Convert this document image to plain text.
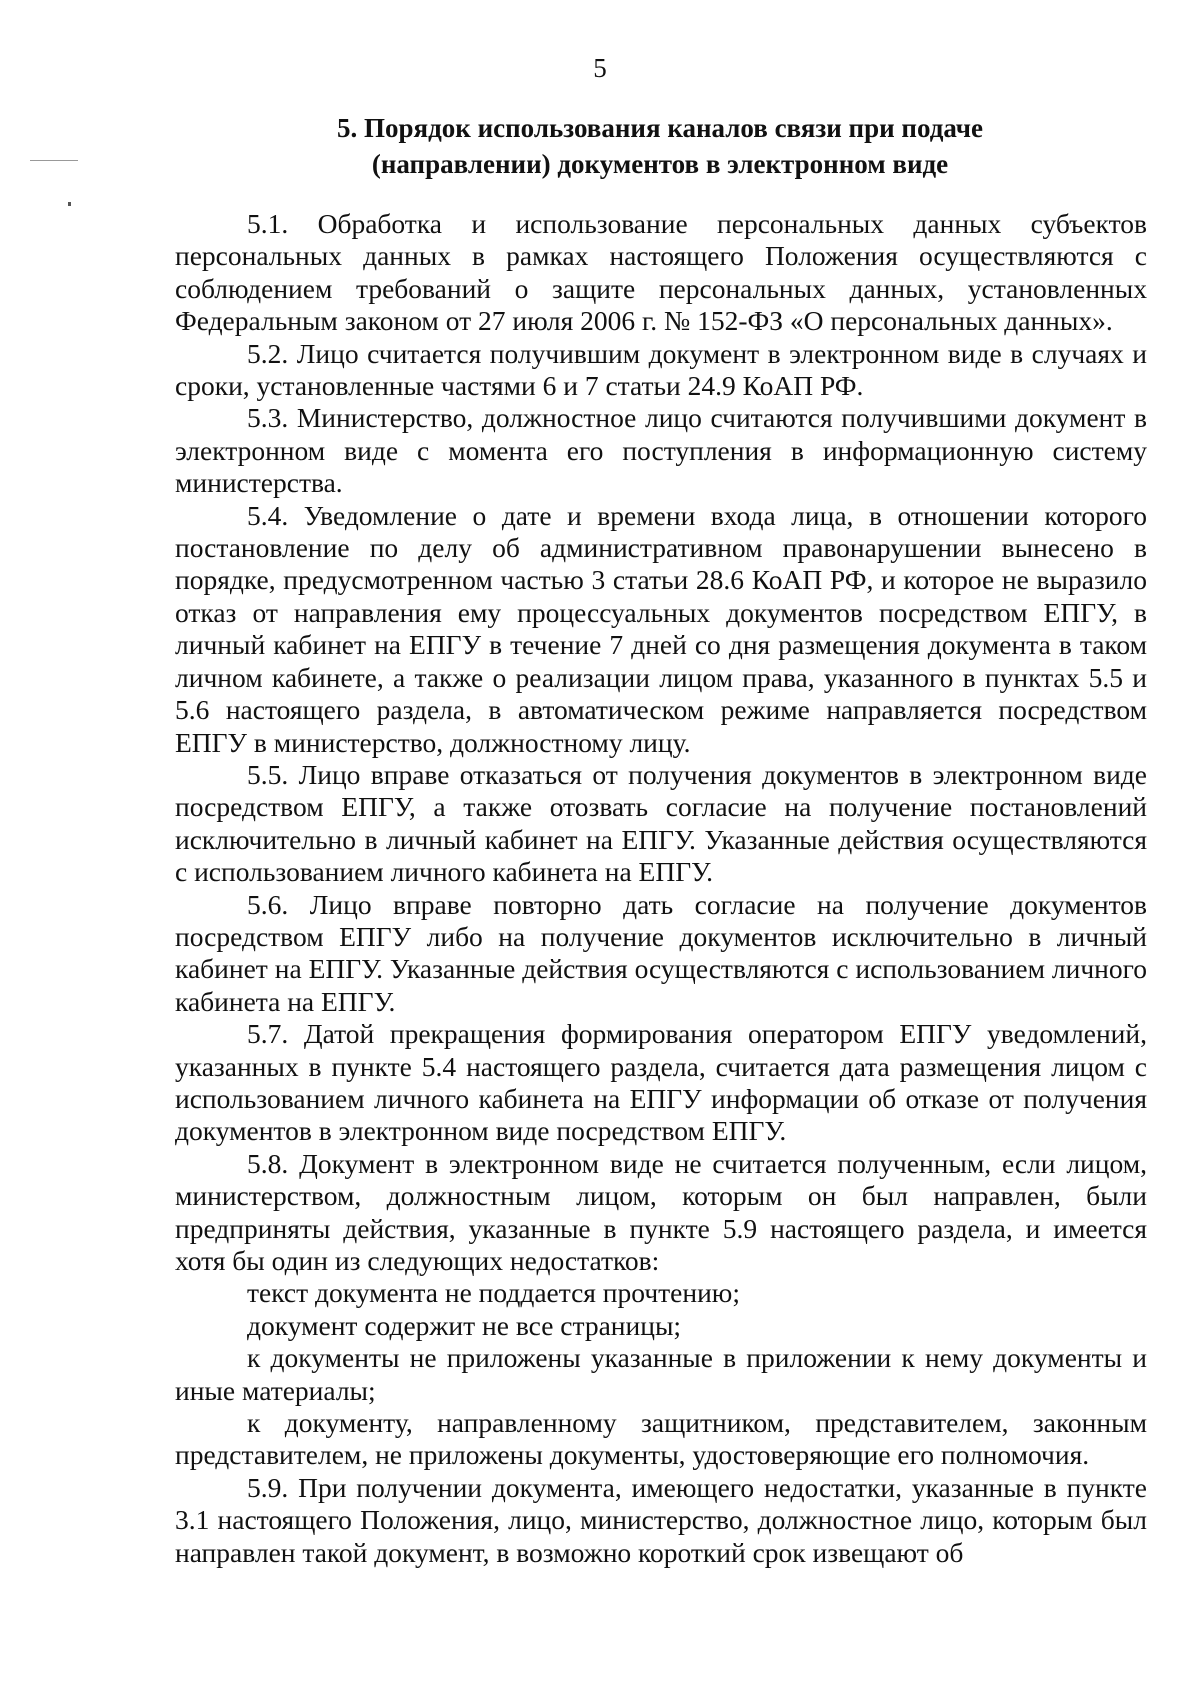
5
5. Порядок использования каналов связи при подаче
(направлении) документов в электронном виде

5.1. Обработка и использование персональных данных субъектов персональных данных в рамках настоящего Положения осуществляются с соблюдением требований о защите персональных данных, установленных Федеральным законом от 27 июля 2006 г. № 152-ФЗ «О персональных данных».

5.2. Лицо считается получившим документ в электронном виде в случаях и сроки, установленные частями 6 и 7 статьи 24.9 КоАП РФ.

5.3. Министерство, должностное лицо считаются получившими документ в электронном виде с момента его поступления в информационную систему министерства.

5.4. Уведомление о дате и времени входа лица, в отношении которого постановление по делу об административном правонарушении вынесено в порядке, предусмотренном частью 3 статьи 28.6 КоАП РФ, и которое не выразило отказ от направления ему процессуальных документов посредством ЕПГУ, в личный кабинет на ЕПГУ в течение 7 дней со дня размещения документа в таком личном кабинете, а также о реализации лицом права, указанного в пунктах 5.5 и 5.6 настоящего раздела, в автоматическом режиме направляется посредством ЕПГУ в министерство, должностному лицу.

5.5. Лицо вправе отказаться от получения документов в электронном виде посредством ЕПГУ, а также отозвать согласие на получение постановлений исключительно в личный кабинет на ЕПГУ. Указанные действия осуществляются с использованием личного кабинета на ЕПГУ.

5.6. Лицо вправе повторно дать согласие на получение документов посредством ЕПГУ либо на получение документов исключительно в личный кабинет на ЕПГУ. Указанные действия осуществляются с использованием личного кабинета на ЕПГУ.

5.7. Датой прекращения формирования оператором ЕПГУ уведомлений, указанных в пункте 5.4 настоящего раздела, считается дата размещения лицом с использованием личного кабинета на ЕПГУ информации об отказе от получения документов в электронном виде посредством ЕПГУ.

5.8. Документ в электронном виде не считается полученным, если лицом, министерством, должностным лицом, которым он был направлен, были предприняты действия, указанные в пункте 5.9 настоящего раздела, и имеется хотя бы один из следующих недостатков:

текст документа не поддается прочтению;

документ содержит не все страницы;

к документы не приложены указанные в приложении к нему документы и иные материалы;

к документу, направленному защитником, представителем, законным представителем, не приложены документы, удостоверяющие его полномочия.

5.9. При получении документа, имеющего недостатки, указанные в пункте 3.1 настоящего Положения, лицо, министерство, должностное лицо, которым был направлен такой документ, в возможно короткий срок извещают об
